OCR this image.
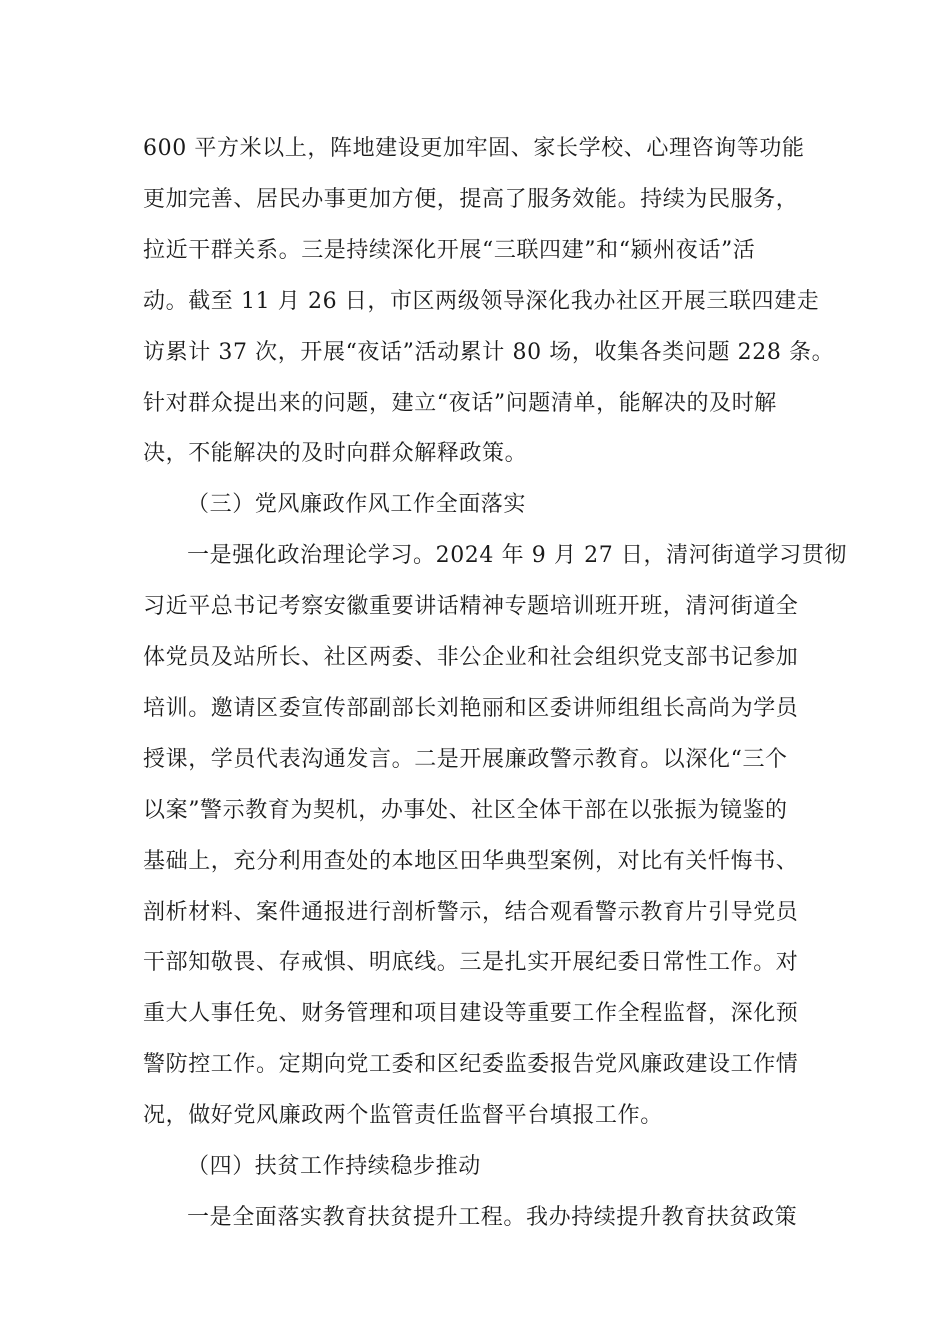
600 平方米以上，阵地建设更加牢固、家长学校、心理咨询等功能
更加完善、居民办事更加方便，提高了服务效能。持续为民服务，
拉近干群关系。三是持续深化开展“三联四建”和“颍州夜话”活
动。截至 11 月 26 日，市区两级领导深化我办社区开展三联四建走
访累计 37 次，开展“夜话”活动累计 80 场，收集各类问题 228 条。
针对群众提出来的问题，建立“夜话”问题清单，能解决的及时解
决，不能解决的及时向群众解释政策。
（三）党风廉政作风工作全面落实
一是强化政治理论学习。2024 年 9 月 27 日，清河街道学习贯彻
习近平总书记考察安徽重要讲话精神专题培训班开班，清河街道全
体党员及站所长、社区两委、非公企业和社会组织党支部书记参加
培训。邀请区委宣传部副部长刘艳丽和区委讲师组组长高尚为学员
授课，学员代表沟通发言。二是开展廉政警示教育。以深化“三个
以案”警示教育为契机，办事处、社区全体干部在以张振为镜鉴的
基础上，充分利用查处的本地区田华典型案例，对比有关忏悔书、
剖析材料、案件通报进行剖析警示，结合观看警示教育片引导党员
干部知敬畏、存戒惧、明底线。三是扎实开展纪委日常性工作。对
重大人事任免、财务管理和项目建设等重要工作全程监督，深化预
警防控工作。定期向党工委和区纪委监委报告党风廉政建设工作情
况，做好党风廉政两个监管责任监督平台填报工作。
（四）扶贫工作持续稳步推动
一是全面落实教育扶贫提升工程。我办持续提升教育扶贫政策
